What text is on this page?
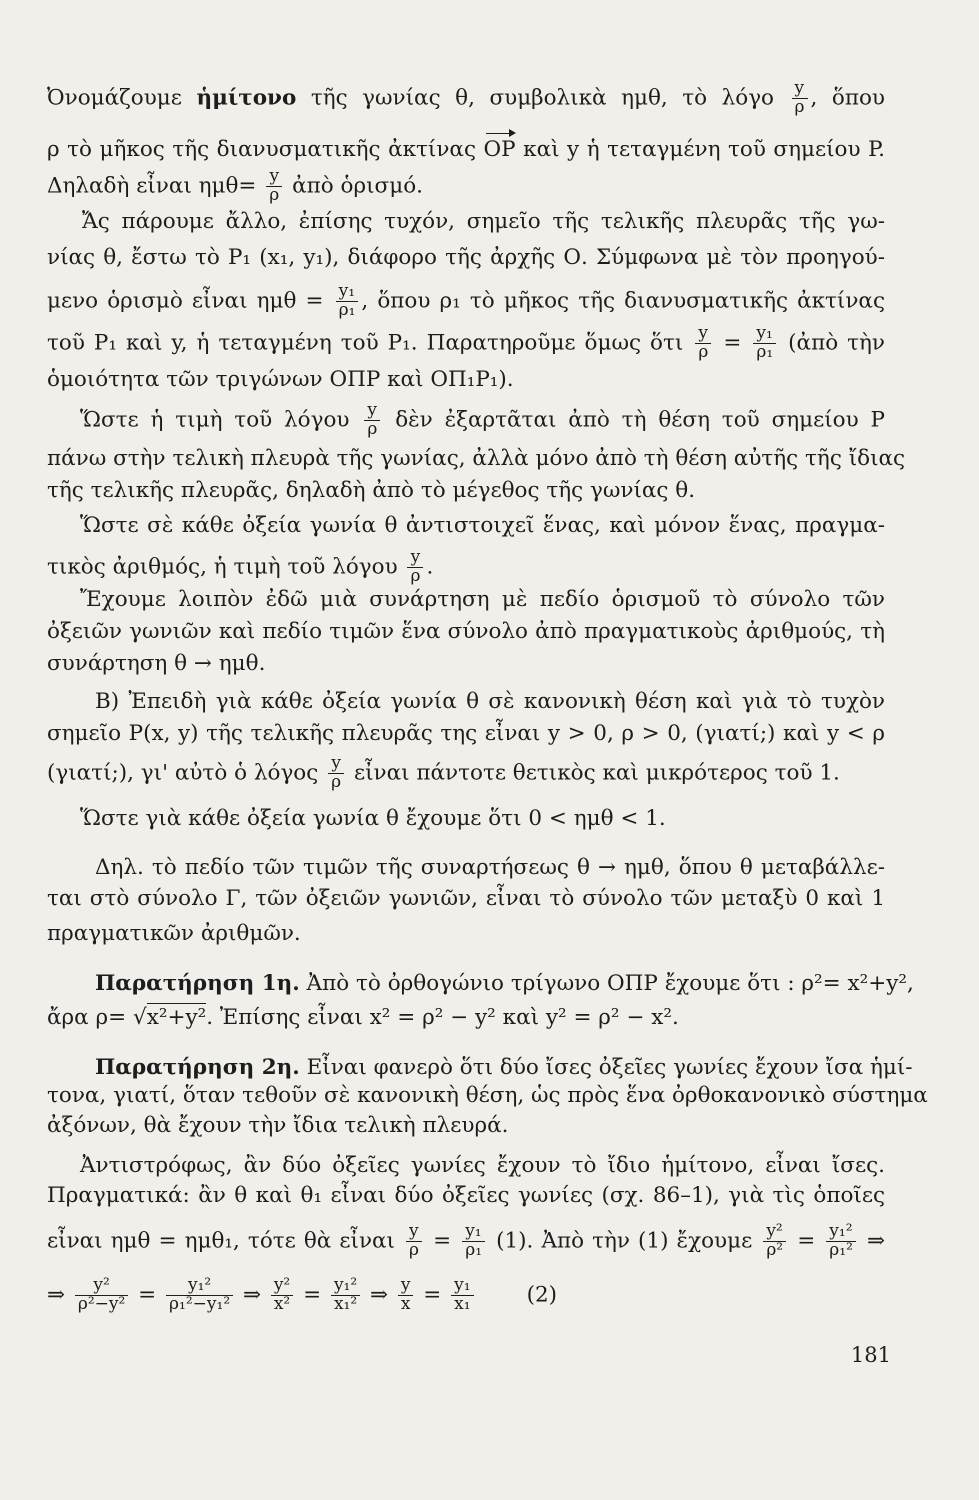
Ὀνομάζουμε ἡμίτονο τῆς γωνίας θ, συμβολικὰ ημθ, τὸ λόγο $\frac{y}{\rho}$ , ὅπου
ρ τὸ μῆκος τῆς διανυσματικῆς ἀκτίνας OP καὶ y ἡ τεταγμένη τοῦ σημείου P.
Δηλαδὴ εἶναι $\eta\mu\theta= \frac{y}{\rho}$ ἀπὸ ὁρισμό.
Ἄς πάρουμε ἄλλο, ἐπίσης τυχόν, σημεῖο τῆς τελικῆς πλευρᾶς τῆς γω-
νίας θ, ἔστω τὸ P₁ (x₁, y₁), διάφορο τῆς ἀρχῆς Ο. Σύμφωνα μὲ τὸν προηγού-
μενο ὁρισμὸ εἶναι $\eta\mu\theta = \frac{\text{y₁}}{\text{ρ₁}}$ , ὅπου ρ₁ τὸ μῆκος τῆς διανυσματικῆς ἀκτίνας
τοῦ P₁ καὶ y, ἡ τεταγμένη τοῦ P₁. Παρατηροῦμε ὅμως ὅτι $\frac{y}{\rho} = \frac{\text{y₁}}{\text{ρ₁}}$ (ἀπὸ τὴν
ὁμοιότητα τῶν τριγώνων ΟΠΡ καὶ ΟΠ₁P₁).
Ὥστε ἡ τιμὴ τοῦ λόγου $\frac{y}{\rho}$ δὲν ἐξαρτᾶται ἀπὸ τὴ θέση τοῦ σημείου P
πάνω στὴν τελικὴ πλευρὰ τῆς γωνίας, ἀλλὰ μόνο ἀπὸ τὴ θέση αὐτῆς τῆς ἴδιας
τῆς τελικῆς πλευρᾶς, δηλαδὴ ἀπὸ τὸ μέγεθος τῆς γωνίας θ.
Ὥστε σὲ κάθε ὀξεία γωνία θ ἀντιστοιχεῖ ἕνας, καὶ μόνον ἕνας, πραγμα-
τικὸς ἀριθμός, ἡ τιμὴ τοῦ λόγου $\frac{y}{\rho}$ .
Ἔχουμε λοιπὸν ἐδῶ μιὰ συνάρτηση μὲ πεδίο ὁρισμοῦ τὸ σύνολο τῶν
ὀξειῶν γωνιῶν καὶ πεδίο τιμῶν ἕνα σύνολο ἀπὸ πραγματικοὺς ἀριθμούς, τὴ
συνάρτηση θ → ημθ.
B) Ἐπειδὴ γιὰ κάθε ὀξεία γωνία θ σὲ κανονικὴ θέση καὶ γιὰ τὸ τυχὸν
σημεῖο P(x, y) τῆς τελικῆς πλευρᾶς της εἶναι y > 0, ρ > 0, (γιατί;) καὶ y < ρ
(γιατί;), γι' αὐτὸ ὁ λόγος $\frac{y}{\rho}$ εἶναι πάντοτε θετικὸς καὶ μικρότερος τοῦ 1.
Ὥστε γιὰ κάθε ὀξεία γωνία θ ἔχουμε ὅτι 0 < ημθ < 1.
Δηλ. τὸ πεδίο τῶν τιμῶν τῆς συναρτήσεως θ → ημθ, ὅπου θ μεταβάλλε-
ται στὸ σύνολο Γ, τῶν ὀξειῶν γωνιῶν, εἶναι τὸ σύνολο τῶν μεταξὺ 0 καὶ 1
πραγματικῶν ἀριθμῶν.
Παρατήρηση 1η. Ἀπὸ τὸ ὀρθογώνιο τρίγωνο ΟΠΡ ἔχουμε ὅτι : ρ²= x²+y²,
ἄρα ρ= √x²+y². Ἐπίσης εἶναι x² = ρ² − y² καὶ y² = ρ² − x².
Παρατήρηση 2η. Εἶναι φανερὸ ὅτι δύο ἴσες ὀξεῖες γωνίες ἔχουν ἴσα ἡμί-
τονα, γιατί, ὅταν τεθοῦν σὲ κανονικὴ θέση, ὡς πρὸς ἕνα ὀρθοκανονικὸ σύστημα
ἀξόνων, θὰ ἔχουν τὴν ἴδια τελικὴ πλευρά.
Ἀντιστρόφως, ἂν δύο ὀξεῖες γωνίες ἔχουν τὸ ἴδιο ἡμίτονο, εἶναι ἴσες.
Πραγματικά: ἂν θ καὶ θ₁ εἶναι δύο ὀξεῖες γωνίες (σχ. 86–1), γιὰ τὶς ὁποῖες
εἶναι ημθ = ημθ₁, τότε θὰ εἶναι $\frac{y}{\rho} = \frac{\text{y₁}}{\text{ρ₁}} (1)$. Ἀπὸ τὴν (1) ἔχουμε $\frac{\text{y²}}{\text{ρ²}} = \frac{\text{y₁²}}{\text{ρ₁²}}$ ⇒
⇒ $\frac{\text{y²}}{\text{ρ²−y²}} = \frac{\text{y₁²}}{\text{ρ₁²−y₁²}}$ ⇒ $\frac{\text{y²}}{\text{x²}} = \frac{\text{y₁²}}{\text{x₁²}}$ ⇒ $\frac{y}{x} = \frac{\text{y₁}}{\text{x₁}} (2)$
181
